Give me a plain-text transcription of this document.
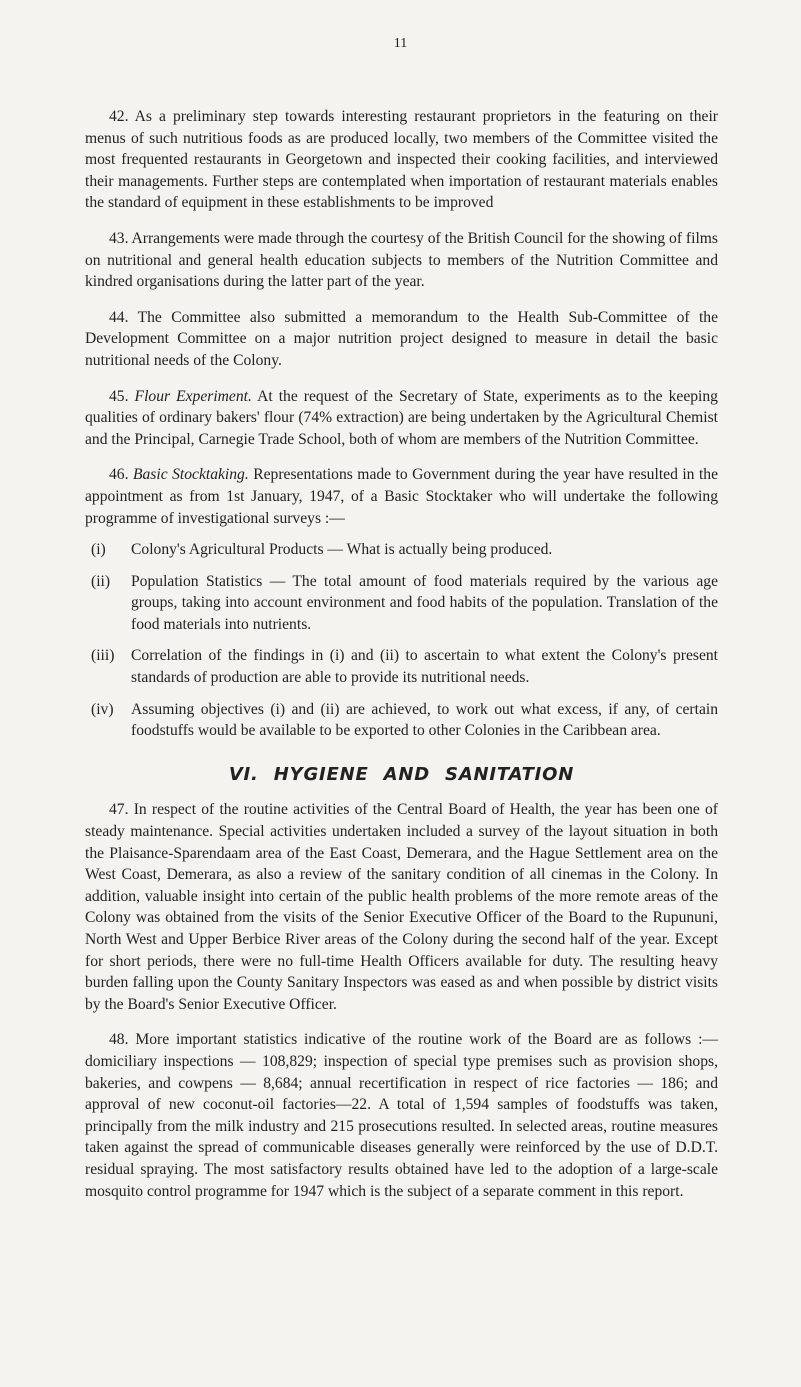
11

42. As a preliminary step towards interesting restaurant proprietors in the featuring on their menus of such nutritious foods as are produced locally, two members of the Committee visited the most frequented restaurants in Georgetown and inspected their cooking facilities, and interviewed their managements. Further steps are contemplated when importation of restaurant materials enables the standard of equipment in these establishments to be improved

43. Arrangements were made through the courtesy of the British Council for the showing of films on nutritional and general health education subjects to members of the Nutrition Committee and kindred organisations during the latter part of the year.

44. The Committee also submitted a memorandum to the Health Sub-Committee of the Development Committee on a major nutrition project designed to measure in detail the basic nutritional needs of the Colony.

45. Flour Experiment. At the request of the Secretary of State, experiments as to the keeping qualities of ordinary bakers' flour (74% extraction) are being undertaken by the Agricultural Chemist and the Principal, Carnegie Trade School, both of whom are members of the Nutrition Committee.

46. Basic Stocktaking. Representations made to Government during the year have resulted in the appointment as from 1st January, 1947, of a Basic Stocktaker who will undertake the following programme of investigational surveys :—

(i)	Colony's Agricultural Products — What is actually being produced.
(ii)	Population Statistics — The total amount of food materials required by the various age groups, taking into account environment and food habits of the population. Translation of the food materials into nutrients.
(iii)	Correlation of the findings in (i) and (ii) to ascertain to what extent the Colony's present standards of production are able to provide its nutritional needs.
(iv)	Assuming objectives (i) and (ii) are achieved, to work out what excess, if any, of certain foodstuffs would be available to be exported to other Colonies in the Caribbean area.
VI. HYGIENE AND SANITATION

47. In respect of the routine activities of the Central Board of Health, the year has been one of steady maintenance. Special activities undertaken included a survey of the layout situation in both the Plaisance-Sparendaam area of the East Coast, Demerara, and the Hague Settlement area on the West Coast, Demerara, as also a review of the sanitary condition of all cinemas in the Colony. In addition, valuable insight into certain of the public health problems of the more remote areas of the Colony was obtained from the visits of the Senior Executive Officer of the Board to the Rupununi, North West and Upper Berbice River areas of the Colony during the second half of the year. Except for short periods, there were no full-time Health Officers available for duty. The resulting heavy burden falling upon the County Sanitary Inspectors was eased as and when possible by district visits by the Board's Senior Executive Officer.

48. More important statistics indicative of the routine work of the Board are as follows :— domiciliary inspections — 108,829; inspection of special type premises such as provision shops, bakeries, and cowpens — 8,684; annual recertification in respect of rice factories — 186; and approval of new coconut-oil factories—22. A total of 1,594 samples of foodstuffs was taken, principally from the milk industry and 215 prosecutions resulted. In selected areas, routine measures taken against the spread of communicable diseases generally were reinforced by the use of D.D.T. residual spraying. The most satisfactory results obtained have led to the adoption of a large-scale mosquito control programme for 1947 which is the subject of a separate comment in this report.
